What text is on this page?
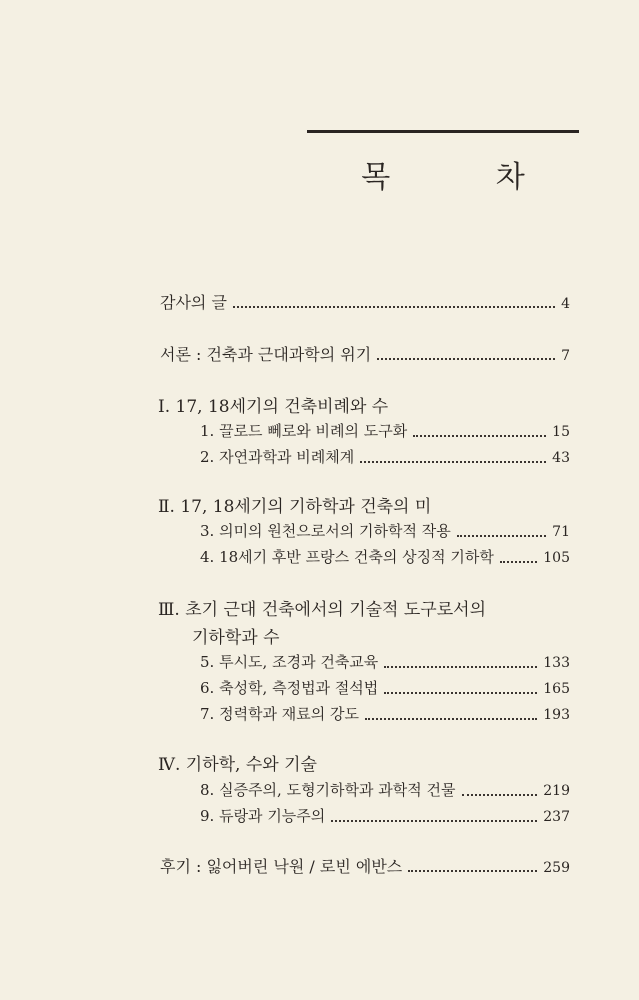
목 차
감사의 글	4
서론 : 건축과 근대과학의 위기	7
Ⅰ. 17, 18세기의 건축비례와 수
1. 끌로드 뻬로와 비례의 도구화	15
2. 자연과학과 비례체계	43
Ⅱ. 17, 18세기의 기하학과 건축의 미
3. 의미의 원천으로서의 기하학적 작용	71
4. 18세기 후반 프랑스 건축의 상징적 기하학	105
Ⅲ. 초기 근대 건축에서의 기술적 도구로서의
기하학과 수
5. 투시도, 조경과 건축교육	133
6. 축성학, 측정법과 절석법	165
7. 정력학과 재료의 강도	193
Ⅳ. 기하학, 수와 기술
8. 실증주의, 도형기하학과 과학적 건물	219
9. 듀랑과 기능주의	237
후기 : 잃어버린 낙원 / 로빈 에반스	259
